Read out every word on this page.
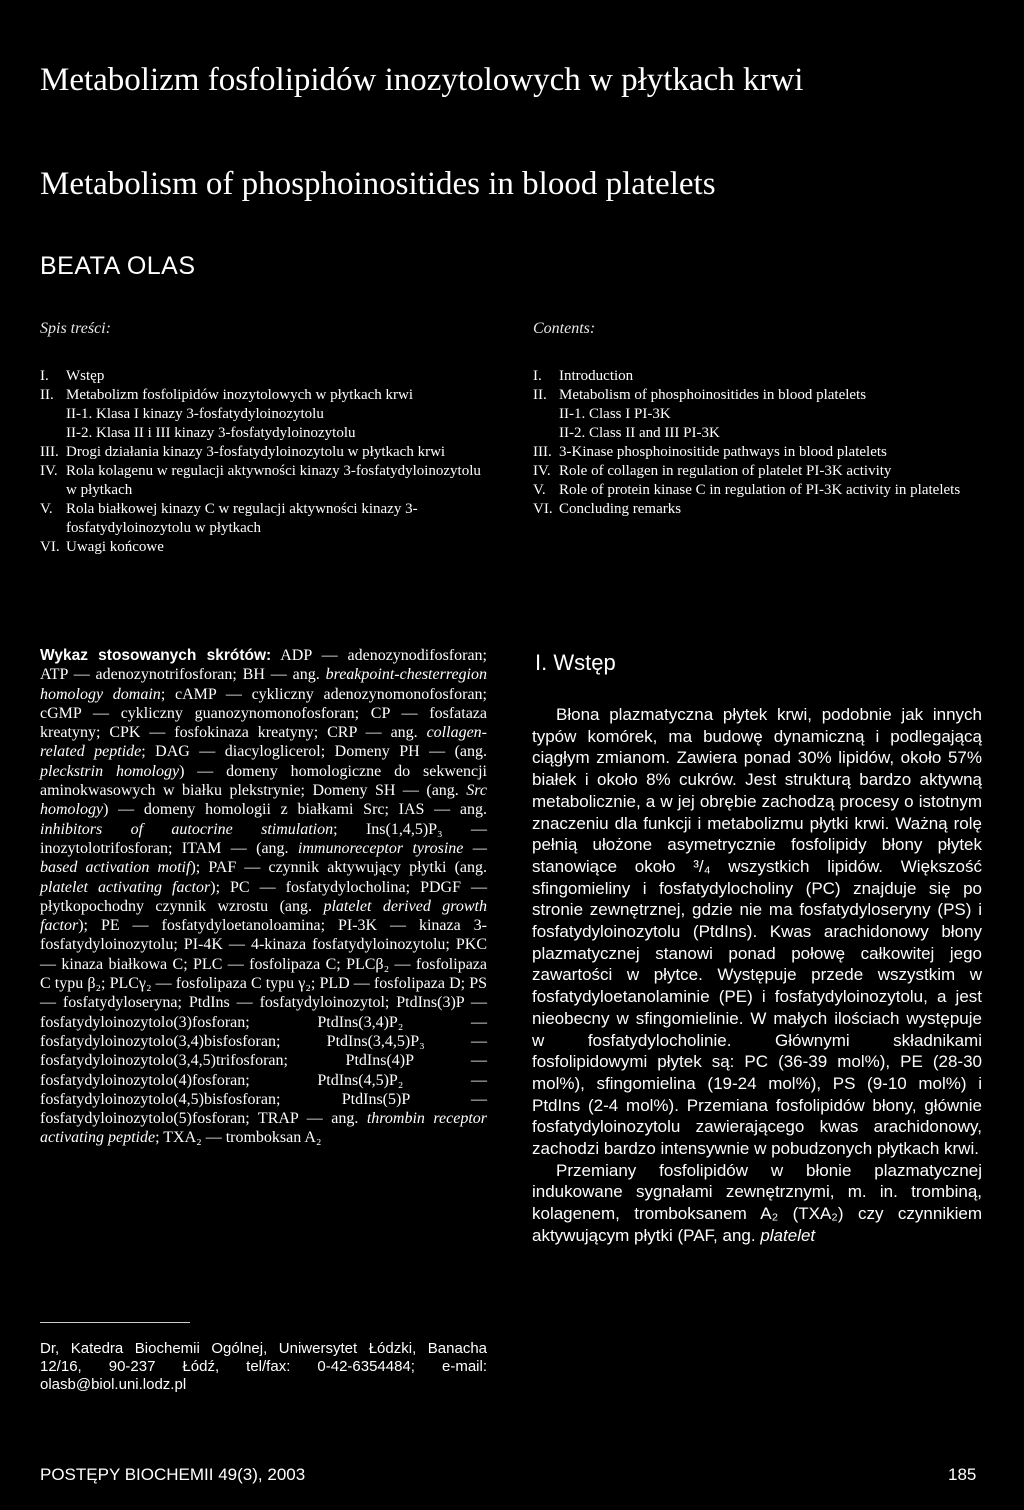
Metabolizm fosfolipidów inozytolowych w płytkach krwi
Metabolism of phosphoinositides in blood platelets
BEATA OLAS
Spis treści:	Contents:
I. Wstęp
II. Metabolizm fosfolipidów inozytolowych w płytkach krwi
II-1. Klasa I kinazy 3-fosfatydyloinozytolu
II-2. Klasa II i III kinazy 3-fosfatydyloinozytolu
III. Drogi działania kinazy 3-fosfatydyloinozytolu w płytkach krwi
IV. Rola kolagenu w regulacji aktywności kinazy 3-fosfatydyloinozytolu w płytkach
V. Rola białkowej kinazy C w regulacji aktywności kinazy 3-fosfatydyloinozytolu w płytkach
VI. Uwagi końcowe
I. Introduction
II. Metabolism of phosphoinositides in blood platelets
II-1. Class I PI-3K
II-2. Class II and III PI-3K
III. 3-Kinase phosphoinositide pathways in blood platelets
IV. Role of collagen in regulation of platelet PI-3K activity
V. Role of protein kinase C in regulation of PI-3K activity in platelets
VI. Concluding remarks
Wykaz stosowanych skrótów: ADP — adenozynodifosforan; ATP — adenozynotrifosforan; BH — ang. breakpoint-chesterregion homology domain; cAMP — cykliczny adenozynomonofosforan; cGMP — cykliczny guanozynomonofosforan; CP — fosfataza kreatyny; CPK — fosfokinaza kreatyny; CRP — ang. collagen-related peptide; DAG — diacyloglicerol; Domeny PH — (ang. pleckstrin homology) — domeny homologiczne do sekwencji aminokwasowych w białku plekstrynie; Domeny SH — (ang. Src homology) — domeny homologii z białkami Src; IAS — ang. inhibitors of autocrine stimulation; Ins(1,4,5)P₃ — inozytolotrifosforan; ITAM — (ang. immunoreceptor tyrosine — based activation motif); PAF — czynnik aktywujący płytki (ang. platelet activating factor); PC — fosfatydylocholina; PDGF — płytkopochodny czynnik wzrostu (ang. platelet derived growth factor); PE — fosfatydyloetanoloamina; PI-3K — kinaza 3-fosfatydyloinozytolu; PI-4K — 4-kinaza fosfatydyloinozytolu; PKC — kinaza białkowa C; PLC — fosfolipaza C; PLCβ₂ — fosfolipaza C typu β₂; PLCγ₂ — fosfolipaza C typu γ₂; PLD — fosfolipaza D; PS — fosfatydyloseryna; PtdIns — fosfatydyloinozytol; PtdIns(3)P — fosfatydyloinozytolo(3)fosforan; PtdIns(3,4)P₂ — fosfatydyloinozytolo(3,4)bisfosforan; PtdIns(3,4,5)P₃ — fosfatydyloinozytolo(3,4,5)trifosforan; PtdIns(4)P — fosfatydyloinozytolo(4)fosforan; PtdIns(4,5)P₂ — fosfatydyloinozytolo(4,5)bisfosforan; PtdIns(5)P — fosfatydyloinozytolo(5)fosforan; TRAP — ang. thrombin receptor activating peptide; TXA₂ — tromboksan A₂
Dr, Katedra Biochemii Ogólnej, Uniwersytet Łódzki, Banacha 12/16, 90-237 Łódź, tel/fax: 0-42-6354484; e-mail: olasb@biol.uni.lodz.pl
I. Wstęp

Błona plazmatyczna płytek krwi, podobnie jak innych typów komórek, ma budowę dynamiczną i podlegającą ciągłym zmianom. Zawiera ponad 30% lipidów, około 57% białek i około 8% cukrów. Jest strukturą bardzo aktywną metabolicznie, a w jej obrębie zachodzą procesy o istotnym znaczeniu dla funkcji i metabolizmu płytki krwi. Ważną rolę pełnią ułożone asymetrycznie fosfolipidy błony płytek stanowiące około ³/₄ wszystkich lipidów. Większość sfingomieliny i fosfatydylocholiny (PC) znajduje się po stronie zewnętrznej, gdzie nie ma fosfatydyloseryny (PS) i fosfatydyloinozytolu (PtdIns). Kwas arachidonowy błony plazmatycznej stanowi ponad połowę całkowitej jego zawartości w płytce. Występuje przede wszystkim w fosfatydyloetanolaminie (PE) i fosfatydyloinozytolu, a jest nieobecny w sfingomielinie. W małych ilościach występuje w fosfatydylocholinie. Głównymi składnikami fosfolipidowymi płytek są: PC (36-39 mol%), PE (28-30 mol%), sfingomielina (19-24 mol%), PS (9-10 mol%) i PtdIns (2-4 mol%). Przemiana fosfolipidów błony, głównie fosfatydyloinozytolu zawierającego kwas arachidonowy, zachodzi bardzo intensywnie w pobudzonych płytkach krwi.

Przemiany fosfolipidów w błonie plazmatycznej indukowane sygnałami zewnętrznymi, m. in. trombiną, kolagenem, tromboksanem A₂ (TXA₂) czy czynnikiem aktywującym płytki (PAF, ang. platelet

POSTĘPY BIOCHEMII 49(3), 2003	185
